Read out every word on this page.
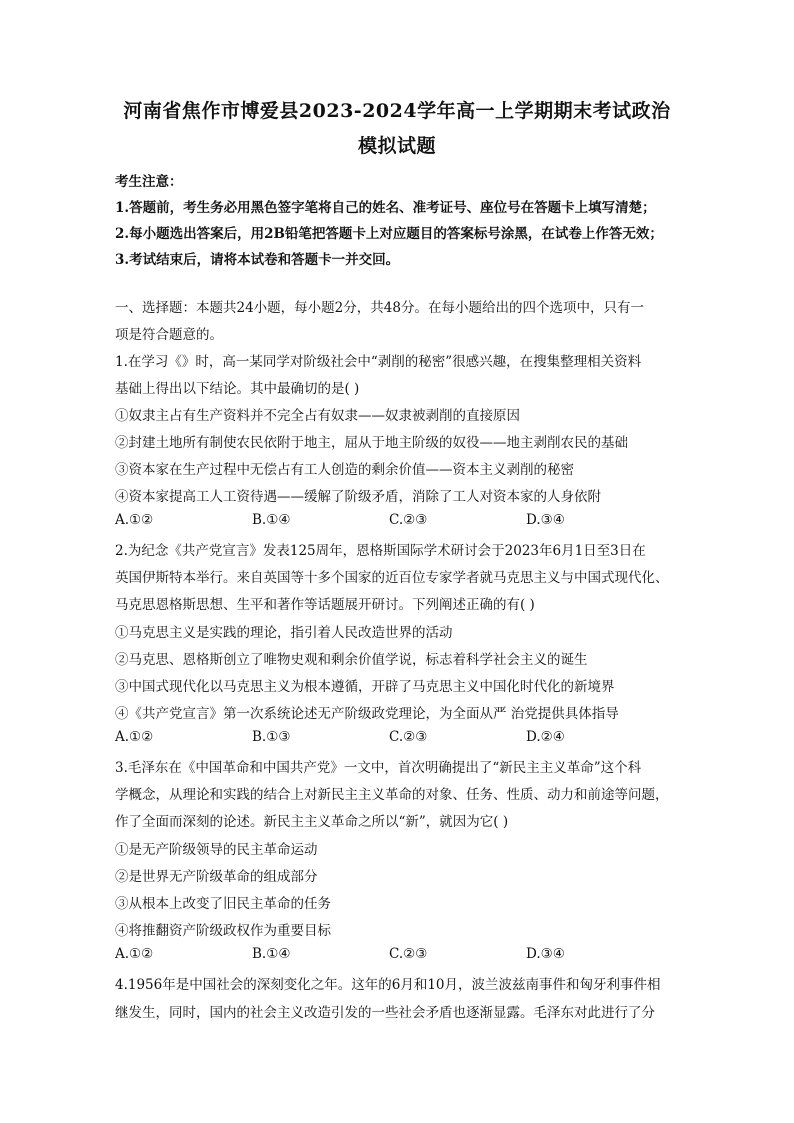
河南省焦作市博爱县2023-2024学年高一上学期期末考试政治
模拟试题
考生注意：
1.答题前，考生务必用黑色签字笔将自己的姓名、准考证号、座位号在答题卡上填写清楚；
2.每小题选出答案后，用2B铅笔把答题卡上对应题目的答案标号涂黑，在试卷上作答无效；
3.考试结束后，请将本试卷和答题卡一并交回。
一、选择题：本题共24小题，每小题2分，共48分。在每小题给出的四个选项中，只有一
项是符合题意的。
1.在学习《》时，高一某同学对阶级社会中“剥削的秘密”很感兴趣，在搜集整理相关资料
基础上得出以下结论。其中最确切的是( )
①奴隶主占有生产资料并不完全占有奴隶——奴隶被剥削的直接原因
②封建土地所有制使农民依附于地主，屈从于地主阶级的奴役——地主剥削农民的基础
③资本家在生产过程中无偿占有工人创造的剩余价值——资本主义剥削的秘密
④资本家提高工人工资待遇——缓解了阶级矛盾，消除了工人对资本家的人身依附
A.①②	B.①④	C.②③	D.③④
2.为纪念《共产党宣言》发表125周年，恩格斯国际学术研讨会于2023年6月1日至3日在
英国伊斯特本举行。来自英国等十多个国家的近百位专家学者就马克思主义与中国式现代化、
马克思恩格斯思想、生平和著作等话题展开研讨。下列阐述正确的有( )
①马克思主义是实践的理论，指引着人民改造世界的活动
②马克思、恩格斯创立了唯物史观和剩余价值学说，标志着科学社会主义的诞生
③中国式现代化以马克思主义为根本遵循，开辟了马克思主义中国化时代化的新境界
④《共产党宣言》第一次系统论述无产阶级政党理论，为全面从严 治党提供具体指导
A.①②	B.①③	C.②③	D.②④
3.毛泽东在《中国革命和中国共产党》一文中，首次明确提出了“新民主主义革命”这个科
学概念，从理论和实践的结合上对新民主主义革命的对象、任务、性质、动力和前途等问题，
作了全面而深刻的论述。新民主主义革命之所以“新”，就因为它( )
①是无产阶级领导的民主革命运动
②是世界无产阶级革命的组成部分
③从根本上改变了旧民主革命的任务
④将推翻资产阶级政权作为重要目标
A.①②	B.①④	C.②③	D.③④
4.1956年是中国社会的深刻变化之年。这年的6月和10月，波兰波兹南事件和匈牙利事件相
继发生，同时，国内的社会主义改造引发的一些社会矛盾也逐渐显露。毛泽东对此进行了分
